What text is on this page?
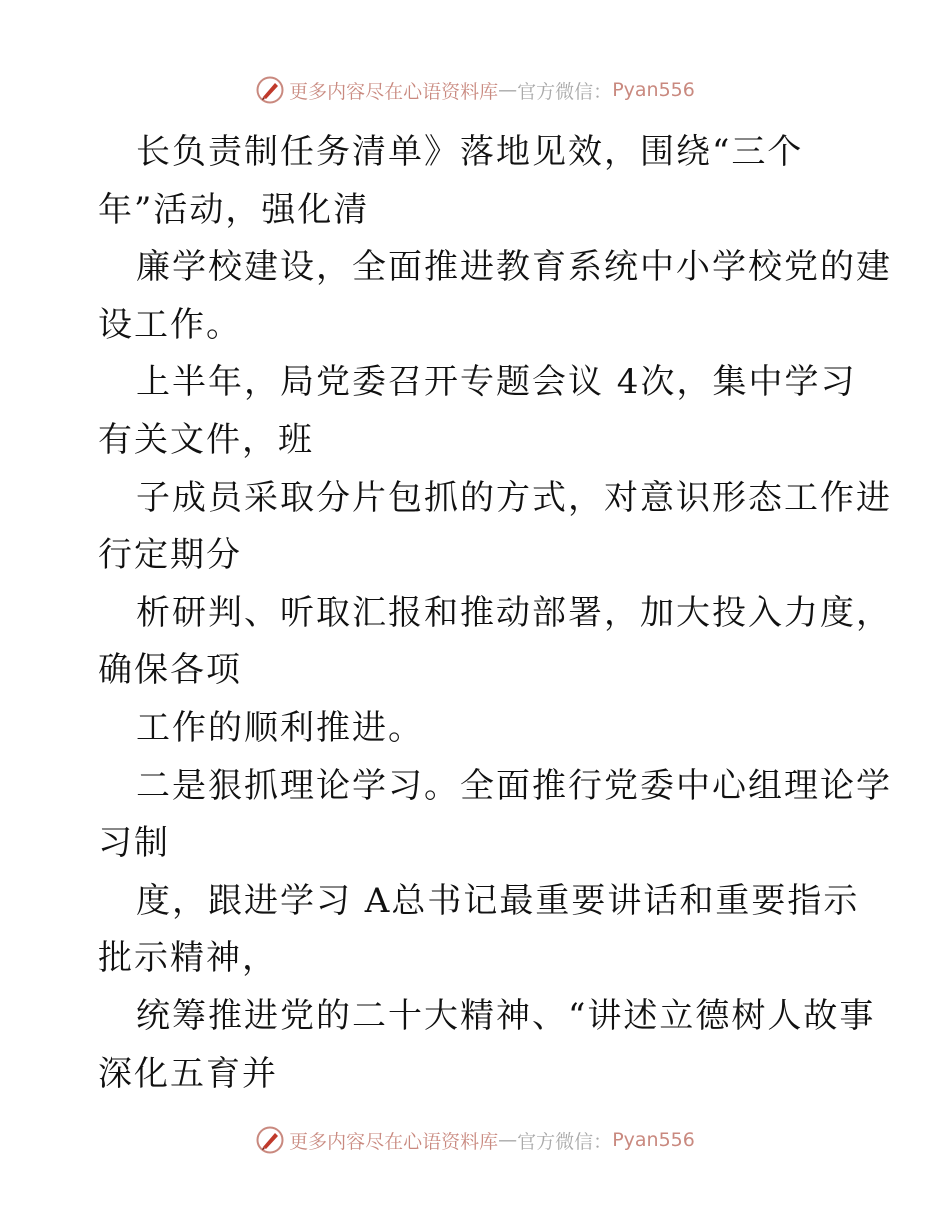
更多内容尽在心语资料库 — 官方微信： Pyan556
长负责制任务清单》落地见效，围绕“三个
年”活动，强化清
廉学校建设，全面推进教育系统中小学校党的建
设工作。
上半年，局党委召开专题会议 4次，集中学习
有关文件，班
子成员采取分片包抓的方式，对意识形态工作进
行定期分
析研判、听取汇报和推动部署，加大投入力度，
确保各项
工作的顺利推进。
二是狠抓理论学习。全面推行党委中心组理论学
习制
度，跟进学习 A总书记最重要讲话和重要指示
批示精神，
统筹推进党的二十大精神、“讲述立德树人故事
深化五育并
更多内容尽在心语资料库 — 官方微信： Pyan556
